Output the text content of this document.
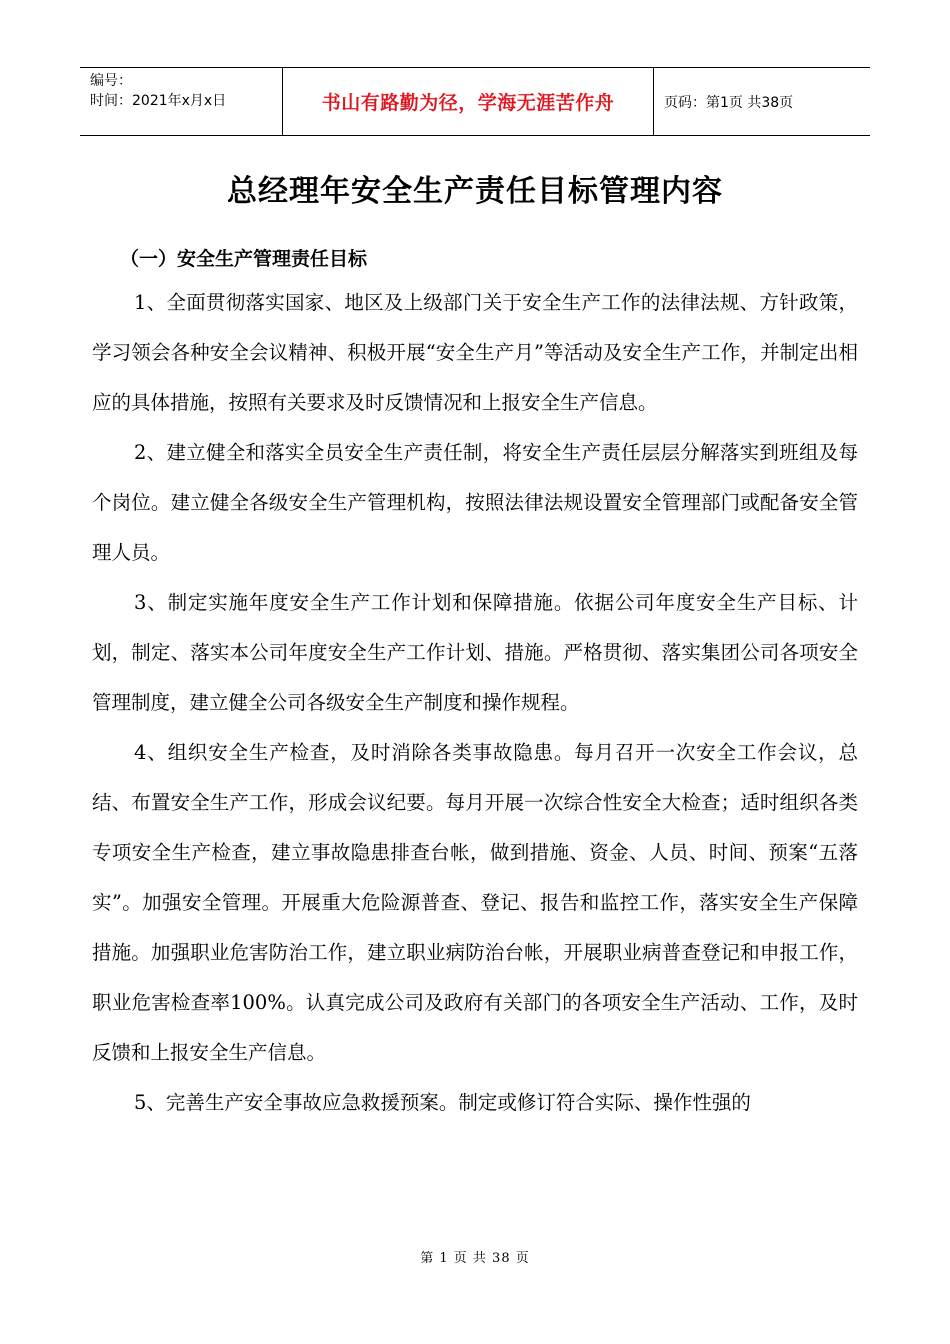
编号：
时间：2021年x月x日	书山有路勤为径，学海无涯苦作舟	页码：第1页 共38页
总经理年安全生产责任目标管理内容
（一）安全生产管理责任目标

1、全面贯彻落实国家、地区及上级部门关于安全生产工作的法律法规、方针政策，学习领会各种安全会议精神、积极开展“安全生产月”等活动及安全生产工作，并制定出相应的具体措施，按照有关要求及时反馈情况和上报安全生产信息。

2、建立健全和落实全员安全生产责任制，将安全生产责任层层分解落实到班组及每个岗位。建立健全各级安全生产管理机构，按照法律法规设置安全管理部门或配备安全管理人员。

3、制定实施年度安全生产工作计划和保障措施。依据公司年度安全生产目标、计划，制定、落实本公司年度安全生产工作计划、措施。严格贯彻、落实集团公司各项安全管理制度，建立健全公司各级安全生产制度和操作规程。

4、组织安全生产检查，及时消除各类事故隐患。每月召开一次安全工作会议，总结、布置安全生产工作，形成会议纪要。每月开展一次综合性安全大检查；适时组织各类专项安全生产检查，建立事故隐患排查台帐，做到措施、资金、人员、时间、预案“五落实”。加强安全管理。开展重大危险源普查、登记、报告和监控工作，落实安全生产保障措施。加强职业危害防治工作，建立职业病防治台帐，开展职业病普查登记和申报工作，职业危害检查率100%。认真完成公司及政府有关部门的各项安全生产活动、工作，及时反馈和上报安全生产信息。

5、完善生产安全事故应急救援预案。制定或修订符合实际、操作性强的

第 1 页 共 38 页
